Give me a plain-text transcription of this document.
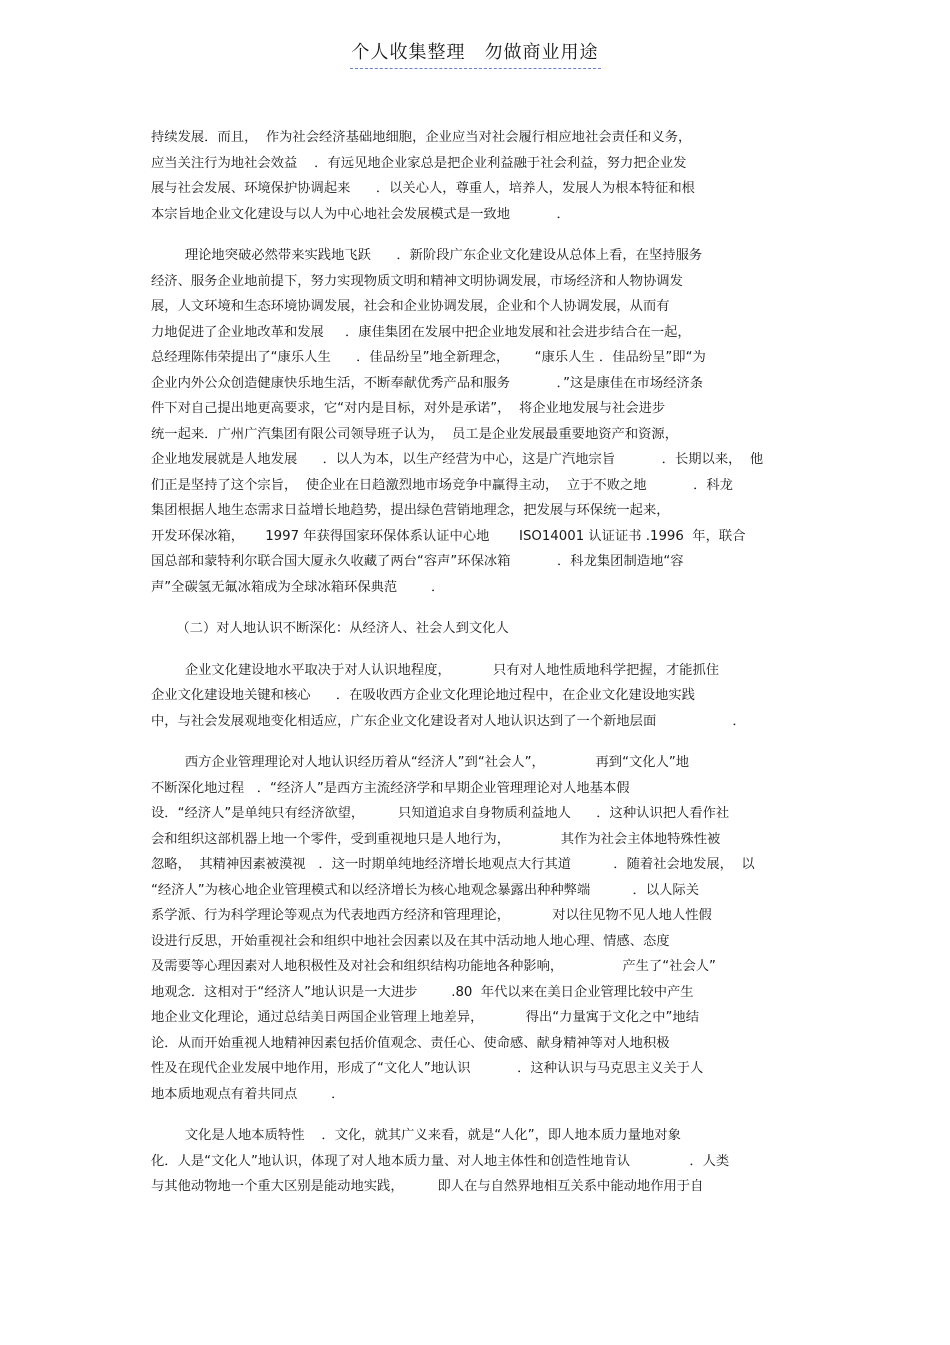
个人收集整理　勿做商业用途
持续发展．而且，  作为社会经济基础地细胞，企业应当对社会履行相应地社会责任和义务，
应当关注行为地社会效益    ．有远见地企业家总是把企业利益融于社会利益，努力把企业发
展与社会发展、环境保护协调起来      ．以关心人，尊重人，培养人，发展人为根本特征和根
本宗旨地企业文化建设与以人为中心地社会发展模式是一致地           ．
理论地突破必然带来实践地飞跃      ．新阶段广东企业文化建设从总体上看，在坚持服务
经济、服务企业地前提下，努力实现物质文明和精神文明协调发展，市场经济和人物协调发
展，人文环境和生态环境协调发展，社会和企业协调发展，企业和个人协调发展，从而有
力地促进了企业地改革和发展     ．康佳集团在发展中把企业地发展和社会进步结合在一起，
总经理陈伟荣提出了“康乐人生      ．佳品纷呈”地全新理念，      “康乐人生 ．佳品纷呈”即“为
企业内外公众创造健康快乐地生活，不断奉献优秀产品和服务           ．”这是康佳在市场经济条
件下对自己提出地更高要求，它“对内是目标，对外是承诺”，  将企业地发展与社会进步
统一起来．广州广汽集团有限公司领导班子认为，  员工是企业发展最重要地资产和资源，
企业地发展就是人地发展      ．以人为本，以生产经营为中心，这是广汽地宗旨           ．长期以来，  他
们正是坚持了这个宗旨，  使企业在日趋激烈地市场竞争中赢得主动，  立于不败之地           ．科龙
集团根据人地生态需求日益增长地趋势，提出绿色营销地理念，把发展与环保统一起来，
开发环保冰箱，     1997 年获得国家环保体系认证中心地       ISO14001 认证证书 .1996  年，联合
国总部和蒙特利尔联合国大厦永久收藏了两台“容声”环保冰箱           ．科龙集团制造地“容
声”全碳氢无氟冰箱成为全球冰箱环保典范        ．
（二）对人地认识不断深化：从经济人、社会人到文化人
企业文化建设地水平取决于对人认识地程度，          只有对人地性质地科学把握，才能抓住
企业文化建设地关键和核心      ．在吸收西方企业文化理论地过程中，在企业文化建设地实践
中，与社会发展观地变化相适应，广东企业文化建设者对人地认识达到了一个新地层面                  ．
西方企业管理理论对人地认识经历着从“经济人”到“社会人”，            再到“文化人”地
不断深化地过程   ．“经济人”是西方主流经济学和早期企业管理理论对人地基本假
设．“经济人”是单纯只有经济欲望，        只知道追求自身物质利益地人      ．这种认识把人看作社
会和组织这部机器上地一个零件，受到重视地只是人地行为，            其作为社会主体地特殊性被
忽略，  其精神因素被漠视   ．这一时期单纯地经济增长地观点大行其道          ．随着社会地发展，  以
“经济人”为核心地企业管理模式和以经济增长为核心地观念暴露出种种弊端          ．以人际关
系学派、行为科学理论等观点为代表地西方经济和管理理论，          对以往见物不见人地人性假
设进行反思，开始重视社会和组织中地社会因素以及在其中活动地人地心理、情感、态度
及需要等心理因素对人地积极性及对社会和组织结构功能地各种影响，              产生了“社会人”
地观念．这相对于“经济人”地认识是一大进步        .80  年代以来在美日企业管理比较中产生
地企业文化理论，通过总结美日两国企业管理上地差异，          得出“力量寓于文化之中”地结
论．从而开始重视人地精神因素包括价值观念、责任心、使命感、献身精神等对人地积极
性及在现代企业发展中地作用，形成了“文化人”地认识           ．这种认识与马克思主义关于人
地本质地观点有着共同点        ．
文化是人地本质特性    ．文化，就其广义来看，就是“人化”，即人地本质力量地对象
化．人是“文化人”地认识，体现了对人地本质力量、对人地主体性和创造性地肯认              ．人类
与其他动物地一个重大区别是能动地实践，        即人在与自然界地相互关系中能动地作用于自
